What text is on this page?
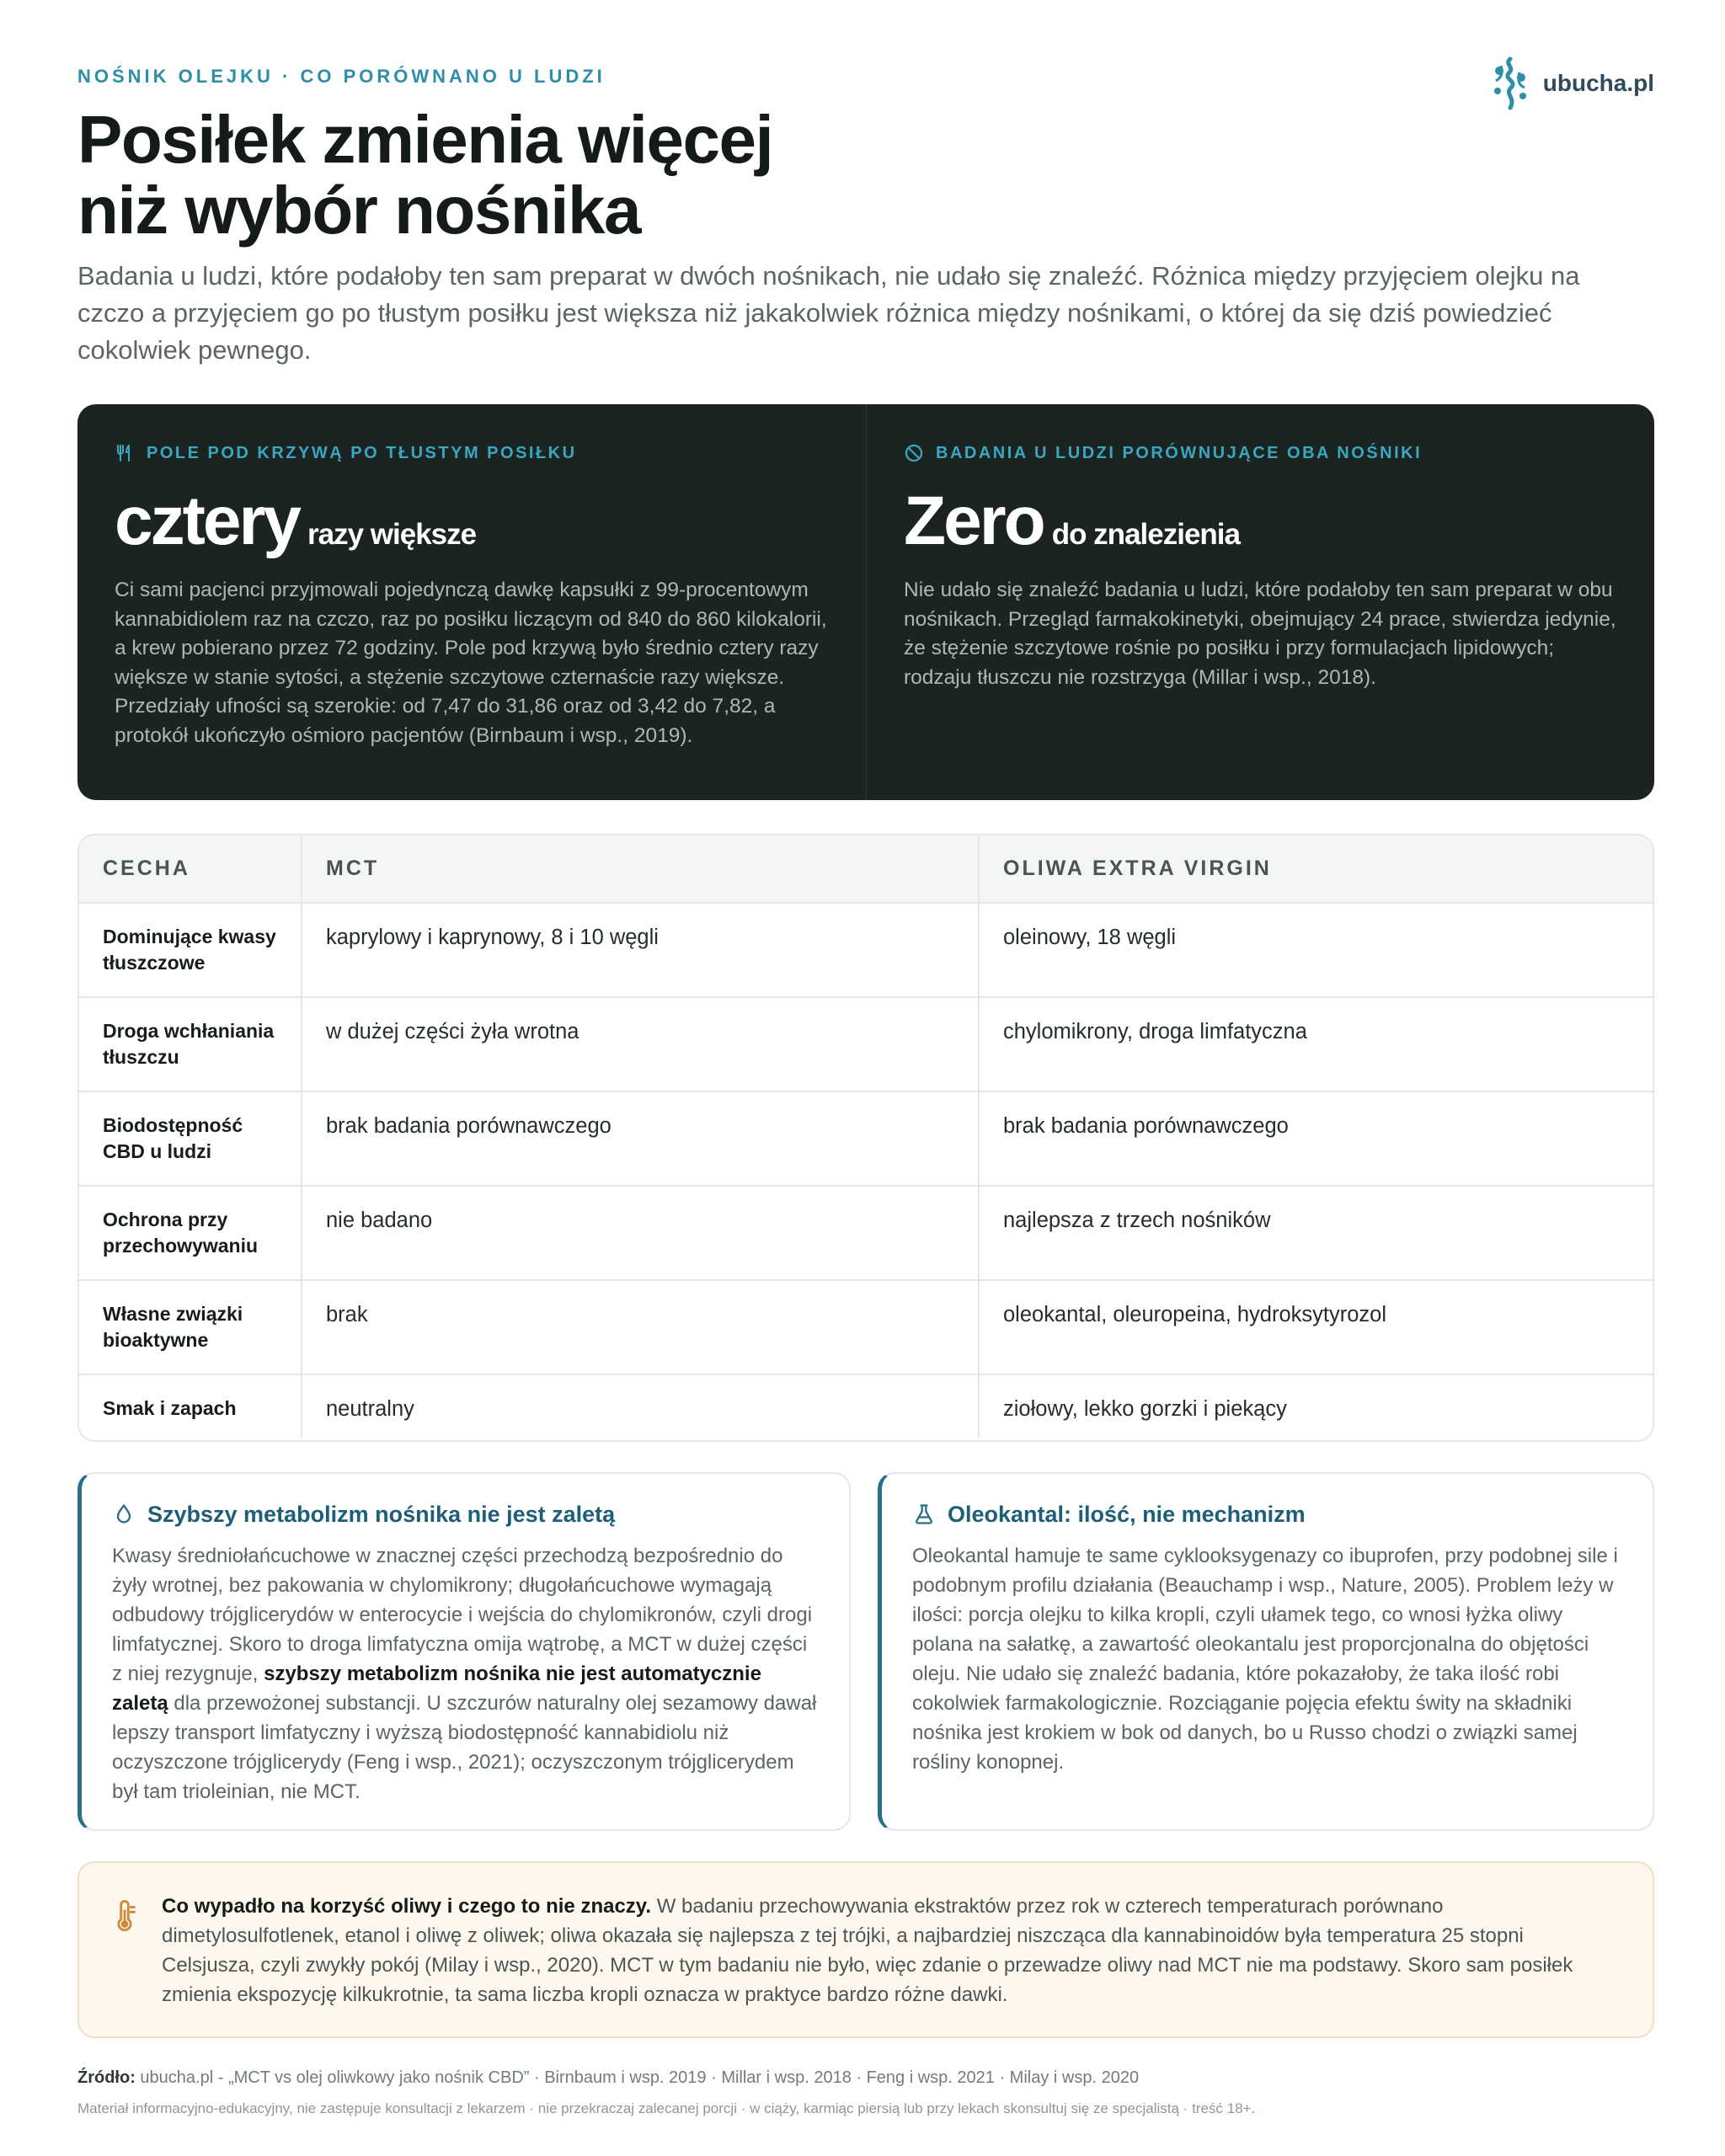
NOŚNIK OLEJKU · CO PORÓWNANO U LUDZI	ubucha.pl
Posiłek zmienia więcej
niż wybór nośnika

Badania u ludzi, które podałoby ten sam preparat w dwóch nośnikach, nie udało się znaleźć. Różnica między przyjęciem olejku na czczo a przyjęciem go po tłustym posiłku jest większa niż jakakolwiek różnica między nośnikami, o której da się dziś powiedzieć cokolwiek pewnego.

POLE POD KRZYWĄ PO TŁUSTYM POSIŁKU
cztery razy większe

Ci sami pacjenci przyjmowali pojedynczą dawkę kapsułki z 99-procentowym kannabidiolem raz na czczo, raz po posiłku liczącym od 840 do 860 kilokalorii, a krew pobierano przez 72 godziny. Pole pod krzywą było średnio cztery razy większe w stanie sytości, a stężenie szczytowe czternaście razy większe. Przedziały ufności są szerokie: od 7,47 do 31,86 oraz od 3,42 do 7,82, a protokół ukończyło ośmioro pacjentów (Birnbaum i wsp., 2019).

BADANIA U LUDZI PORÓWNUJĄCE OBA NOŚNIKI
Zero do znalezienia

Nie udało się znaleźć badania u ludzi, które podałoby ten sam preparat w obu nośnikach. Przegląd farmakokinetyki, obejmujący 24 prace, stwierdza jedynie, że stężenie szczytowe rośnie po posiłku i przy formulacjach lipidowych; rodzaju tłuszczu nie rozstrzyga (Millar i wsp., 2018).

CECHA	MCT	OLIWA EXTRA VIRGIN
Dominujące kwasy tłuszczowe	kaprylowy i kaprynowy, 8 i 10 węgli	oleinowy, 18 węgli
Droga wchłaniania tłuszczu	w dużej części żyła wrotna	chylomikrony, droga limfatyczna
Biodostępność CBD u ludzi	brak badania porównawczego	brak badania porównawczego
Ochrona przy przechowywaniu	nie badano	najlepsza z trzech nośników
Własne związki bioaktywne	brak	oleokantal, oleuropeina, hydroksytyrozol
Smak i zapach	neutralny	ziołowy, lekko gorzki i piekący
Szybszy metabolizm nośnika nie jest zaletą

Kwasy średniołańcuchowe w znacznej części przechodzą bezpośrednio do żyły wrotnej, bez pakowania w chylomikrony; długołańcuchowe wymagają odbudowy trójglicerydów w enterocycie i wejścia do chylomikronów, czyli drogi limfatycznej. Skoro to droga limfatyczna omija wątrobę, a MCT w dużej części z niej rezygnuje, szybszy metabolizm nośnika nie jest automatycznie zaletą dla przewożonej substancji. U szczurów naturalny olej sezamowy dawał lepszy transport limfatyczny i wyższą biodostępność kannabidiolu niż oczyszczone trójglicerydy (Feng i wsp., 2021); oczyszczonym trójglicerydem był tam trioleinian, nie MCT.

Oleokantal: ilość, nie mechanizm

Oleokantal hamuje te same cyklooksygenazy co ibuprofen, przy podobnej sile i podobnym profilu działania (Beauchamp i wsp., Nature, 2005). Problem leży w ilości: porcja olejku to kilka kropli, czyli ułamek tego, co wnosi łyżka oliwy polana na sałatkę, a zawartość oleokantalu jest proporcjonalna do objętości oleju. Nie udało się znaleźć badania, które pokazałoby, że taka ilość robi cokolwiek farmakologicznie. Rozciąganie pojęcia efektu świty na składniki nośnika jest krokiem w bok od danych, bo u Russo chodzi o związki samej rośliny konopnej.

Co wypadło na korzyść oliwy i czego to nie znaczy. W badaniu przechowywania ekstraktów przez rok w czterech temperaturach porównano dimetylosulfotlenek, etanol i oliwę z oliwek; oliwa okazała się najlepsza z tej trójki, a najbardziej niszcząca dla kannabinoidów była temperatura 25 stopni Celsjusza, czyli zwykły pokój (Milay i wsp., 2020). MCT w tym badaniu nie było, więc zdanie o przewadze oliwy nad MCT nie ma podstawy. Skoro sam posiłek zmienia ekspozycję kilkukrotnie, ta sama liczba kropli oznacza w praktyce bardzo różne dawki.

Źródło: ubucha.pl - „MCT vs olej oliwkowy jako nośnik CBD” · Birnbaum i wsp. 2019 · Millar i wsp. 2018 · Feng i wsp. 2021 · Milay i wsp. 2020
Materiał informacyjno-edukacyjny, nie zastępuje konsultacji z lekarzem · nie przekraczaj zalecanej porcji · w ciąży, karmiąc piersią lub przy lekach skonsultuj się ze specjalistą · treść 18+.
